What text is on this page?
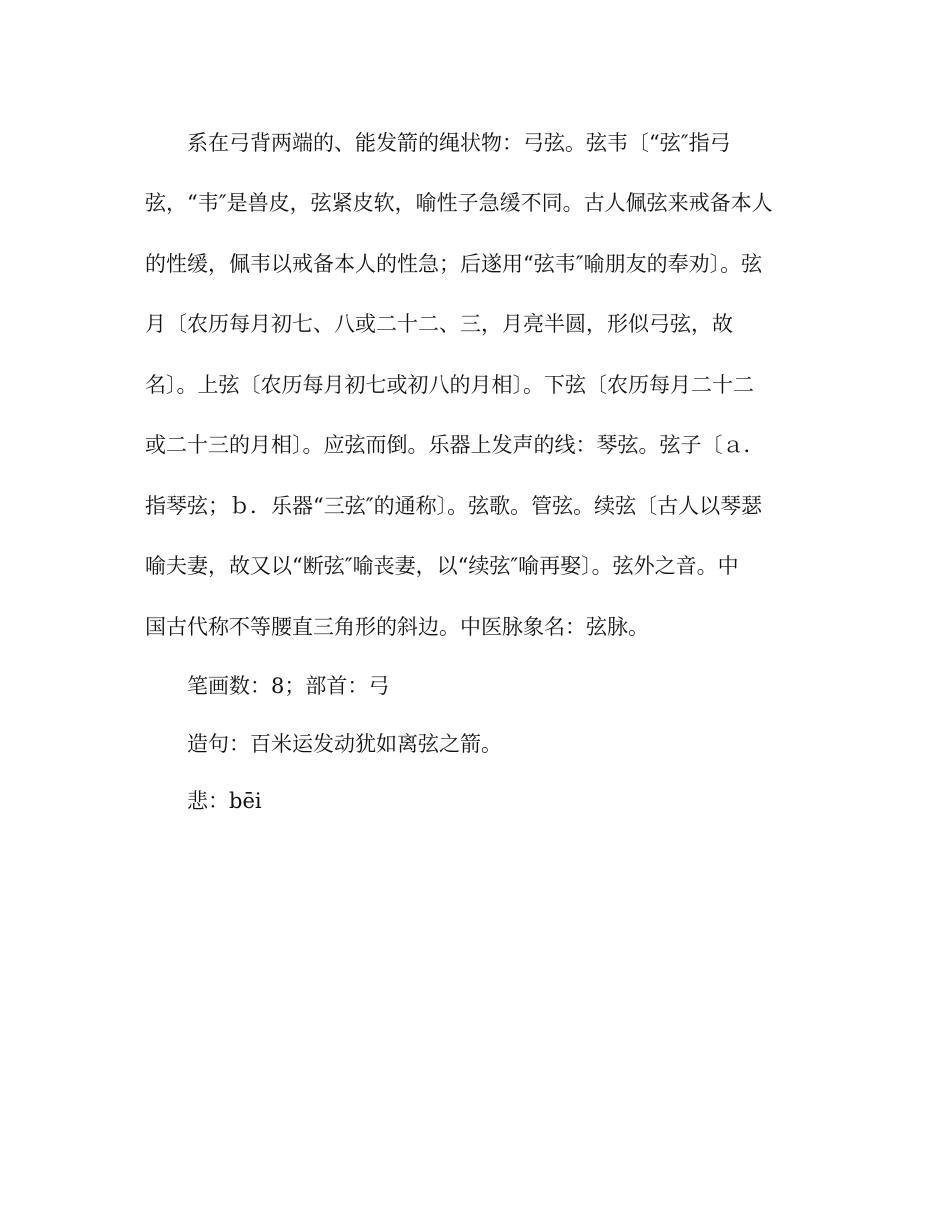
系在弓背两端的、能发箭的绳状物：弓弦。弦韦〔“弦″指弓
弦，“韦″是兽皮，弦紧皮软，喻性子急缓不同。古人佩弦来戒备本人
的性缓，佩韦以戒备本人的性急；后遂用“弦韦″喻朋友的奉劝〕。弦
月〔农历每月初七、八或二十二、三，月亮半圆，形似弓弦，故
名〕。上弦〔农历每月初七或初八的月相〕。下弦〔农历每月二十二
或二十三的月相〕。应弦而倒。乐器上发声的线：琴弦。弦子〔ａ．
指琴弦；ｂ．乐器“三弦″的通称〕。弦歌。管弦。续弦〔古人以琴瑟
喻夫妻，故又以“断弦″喻丧妻，以“续弦″喻再娶〕。弦外之音。中
国古代称不等腰直三角形的斜边。中医脉象名：弦脉。
笔画数：8；部首：弓
造句：百米运发动犹如离弦之箭。
悲：bēi
